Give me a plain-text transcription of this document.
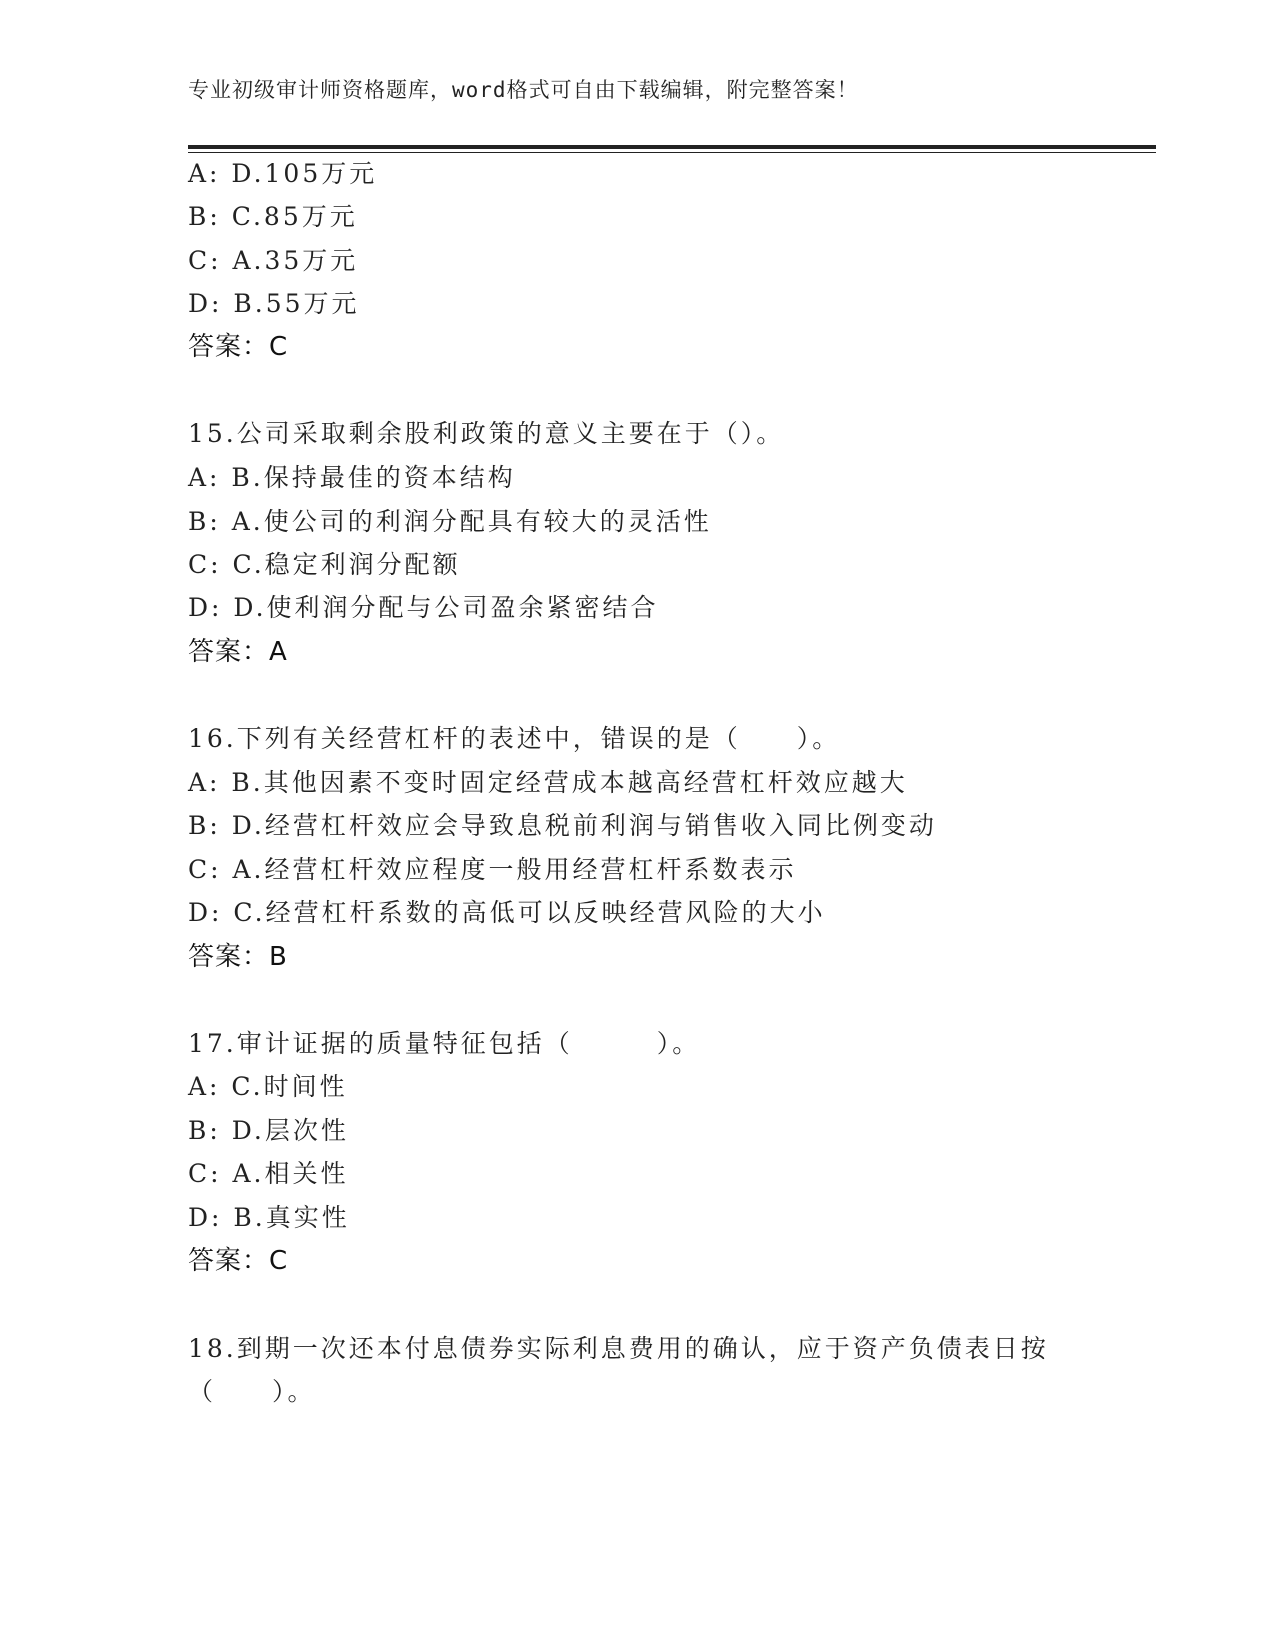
专业初级审计师资格题库，word格式可自由下载编辑，附完整答案！
A: D.105万元
B: C.85万元
C: A.35万元
D: B.55万元
答案：C
15.公司采取剩余股利政策的意义主要在于（）。
A: B.保持最佳的资本结构
B: A.使公司的利润分配具有较大的灵活性
C: C.稳定利润分配额
D: D.使利润分配与公司盈余紧密结合
答案：A
16.下列有关经营杠杆的表述中，错误的是（　　）。
A: B.其他因素不变时固定经营成本越高经营杠杆效应越大
B: D.经营杠杆效应会导致息税前利润与销售收入同比例变动
C: A.经营杠杆效应程度一般用经营杠杆系数表示
D: C.经营杠杆系数的高低可以反映经营风险的大小
答案：B
17.审计证据的质量特征包括（　　　）。
A: C.时间性
B: D.层次性
C: A.相关性
D: B.真实性
答案：C
18.到期一次还本付息债券实际利息费用的确认，应于资产负债表日按
（　　）。
